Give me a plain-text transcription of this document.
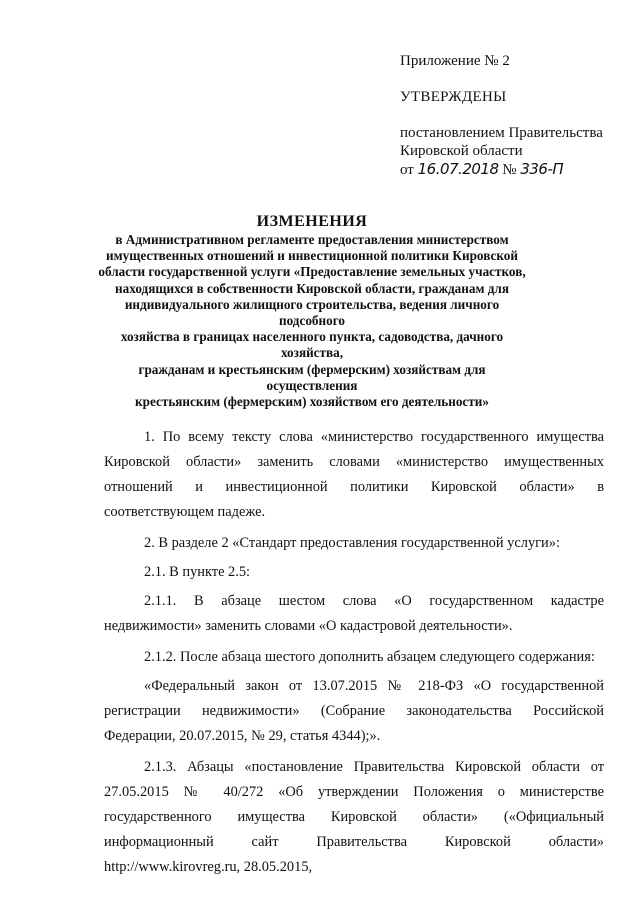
Приложение № 2

УТВЕРЖДЕНЫ

постановлением Правительства

Кировской области

от 16.07.2018 № 336-П

ИЗМЕНЕНИЯ
в Административном регламенте предоставления министерством
имущественных отношений и инвестиционной политики Кировской
области государственной услуги «Предоставление земельных участков,
находящихся в собственности Кировской области, гражданам для
индивидуального жилищного строительства, ведения личного подсобного
хозяйства в границах населенного пункта, садоводства, дачного хозяйства,
гражданам и крестьянским (фермерским) хозяйствам для осуществления
крестьянским (фермерским) хозяйством его деятельности»

1. По всему тексту слова «министерство государственного имущества Кировской области» заменить словами «министерство имущественных отношений и инвестиционной политики Кировской области» в соответствующем падеже.

2. В разделе 2 «Стандарт предоставления государственной услуги»:

2.1. В пункте 2.5:

2.1.1. В абзаце шестом слова «О государственном кадастре недвижимости» заменить словами «О кадастровой деятельности».

2.1.2. После абзаца шестого дополнить абзацем следующего содержания:

«Федеральный закон от 13.07.2015 № 218-ФЗ «О государственной регистрации недвижимости» (Собрание законодательства Российской Федерации, 20.07.2015, № 29, статья 4344);».

2.1.3. Абзацы «постановление Правительства Кировской области от 27.05.2015 № 40/272 «Об утверждении Положения о министерстве государственного имущества Кировской области» («Официальный информационный сайт Правительства Кировской области» http://www.kirovreg.ru, 28.05.2015,
